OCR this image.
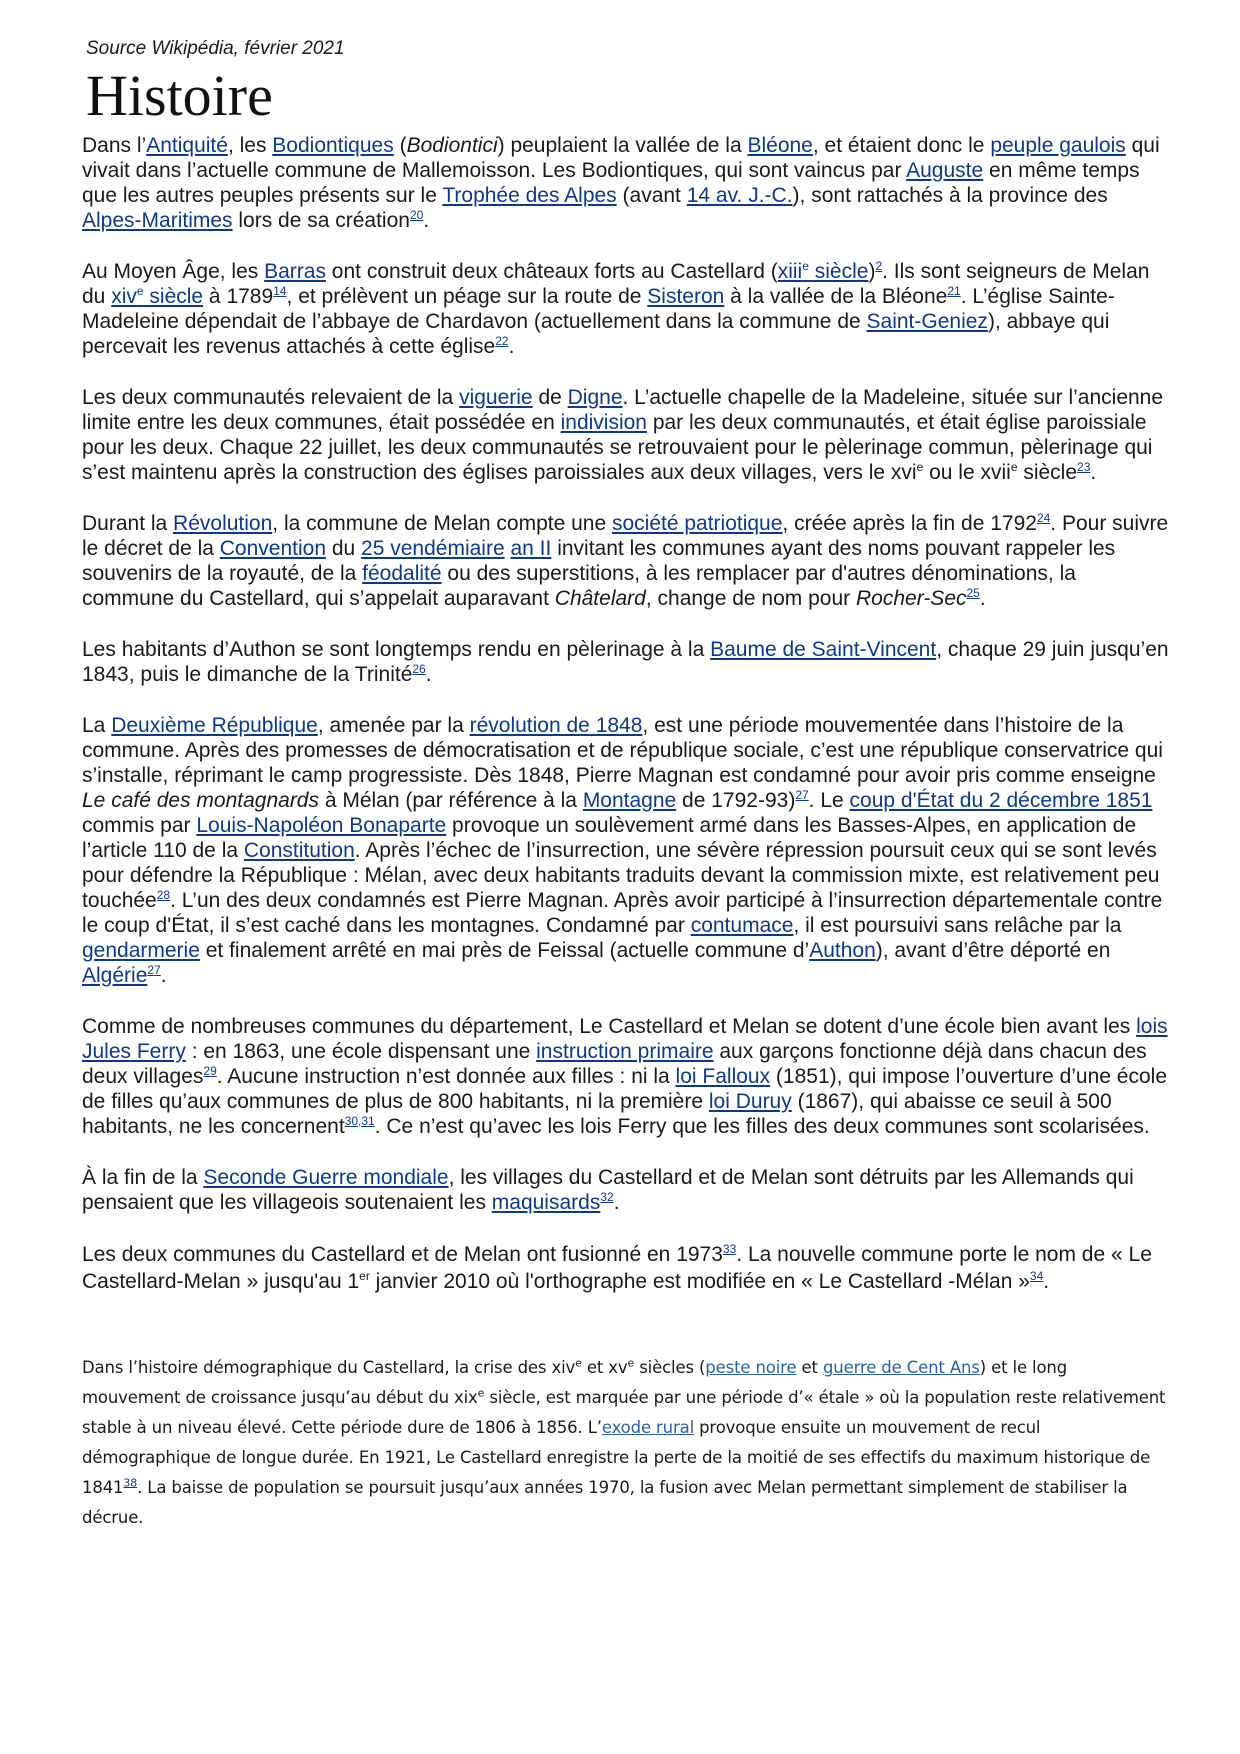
Source Wikipédia, février 2021
Histoire

Dans l’Antiquité, les Bodiontiques (Bodiontici) peuplaient la vallée de la Bléone, et étaient donc le peuple gaulois qui vivait dans l’actuelle commune de Mallemoisson. Les Bodiontiques, qui sont vaincus par Auguste en même temps que les autres peuples présents sur le Trophée des Alpes (avant 14 av. J.-C.), sont rattachés à la province des Alpes-Maritimes lors de sa création$^{20}$.

Au Moyen Âge, les Barras ont construit deux châteaux forts au Castellard (xiii$^e$ siècle)$^2$. Ils sont seigneurs de Melan du xiv$^e$ siècle à 1789$^{14}$, et prélèvent un péage sur la route de Sisteron à la vallée de la Bléone$^{21}$. L’église Sainte-Madeleine dépendait de l’abbaye de Chardavon (actuellement dans la commune de Saint-Geniez), abbaye qui percevait les revenus attachés à cette église$^{22}$.

Les deux communautés relevaient de la viguerie de Digne. L’actuelle chapelle de la Madeleine, située sur l’ancienne limite entre les deux communes, était possédée en indivision par les deux communautés, et était église paroissiale pour les deux. Chaque 22 juillet, les deux communautés se retrouvaient pour le pèlerinage commun, pèlerinage qui s’est maintenu après la construction des églises paroissiales aux deux villages, vers le xvi$^e$ ou le xvii$^e$ siècle$^{23}$.

Durant la Révolution, la commune de Melan compte une société patriotique, créée après la fin de 1792$^{24}$. Pour suivre le décret de la Convention du 25 vendémiaire an II invitant les communes ayant des noms pouvant rappeler les souvenirs de la royauté, de la féodalité ou des superstitions, à les remplacer par d'autres dénominations, la commune du Castellard, qui s’appelait auparavant Châtelard, change de nom pour Rocher-Sec$^{25}$.

Les habitants d’Authon se sont longtemps rendu en pèlerinage à la Baume de Saint-Vincent, chaque 29 juin jusqu’en 1843, puis le dimanche de la Trinité$^{26}$.

La Deuxième République, amenée par la révolution de 1848, est une période mouvementée dans l’histoire de la commune. Après des promesses de démocratisation et de république sociale, c’est une république conservatrice qui s’installe, réprimant le camp progressiste. Dès 1848, Pierre Magnan est condamné pour avoir pris comme enseigne Le café des montagnards à Mélan (par référence à la Montagne de 1792-93)$^{27}$. Le coup d'État du 2 décembre 1851 commis par Louis-Napoléon Bonaparte provoque un soulèvement armé dans les Basses-Alpes, en application de l’article 110 de la Constitution. Après l’échec de l’insurrection, une sévère répression poursuit ceux qui se sont levés pour défendre la République : Mélan, avec deux habitants traduits devant la commission mixte, est relativement peu touchée$^{28}$. L’un des deux condamnés est Pierre Magnan. Après avoir participé à l’insurrection départementale contre le coup d'État, il s’est caché dans les montagnes. Condamné par contumace, il est poursuivi sans relâche par la gendarmerie et finalement arrêté en mai près de Feissal (actuelle commune d’Authon), avant d’être déporté en Algérie$^{27}$.

Comme de nombreuses communes du département, Le Castellard et Melan se dotent d’une école bien avant les lois Jules Ferry : en 1863, une école dispensant une instruction primaire aux garçons fonctionne déjà dans chacun des deux villages$^{29}$. Aucune instruction n’est donnée aux filles : ni la loi Falloux (1851), qui impose l’ouverture d’une école de filles qu’aux communes de plus de 800 habitants, ni la première loi Duruy (1867), qui abaisse ce seuil à 500 habitants, ne les concernent$^{30,31}$. Ce n’est qu’avec les lois Ferry que les filles des deux communes sont scolarisées.

À la fin de la Seconde Guerre mondiale, les villages du Castellard et de Melan sont détruits par les Allemands qui pensaient que les villageois soutenaient les maquisards$^{32}$.

Les deux communes du Castellard et de Melan ont fusionné en 1973$^{33}$. La nouvelle commune porte le nom de « Le Castellard-Melan » jusqu'au 1er janvier 2010 où l'orthographe est modifiée en « Le Castellard -Mélan »$^{34}$.

Dans l’histoire démographique du Castellard, la crise des xiv$^e$ et $xv^e$ siècles (peste noire et guerre de Cent Ans) et le long mouvement de croissance jusqu’au début du xix$^e$ siècle, est marquée par une période d’« étale » où la population reste relativement stable à un niveau élevé. Cette période dure de 1806 à 1856. L’exode rural provoque ensuite un mouvement de recul démographique de longue durée. En 1921, Le Castellard enregistre la perte de la moitié de ses effectifs du maximum historique de 1841$^{38}$. La baisse de population se poursuit jusqu’aux années 1970, la fusion avec Melan permettant simplement de stabiliser la décrue.
